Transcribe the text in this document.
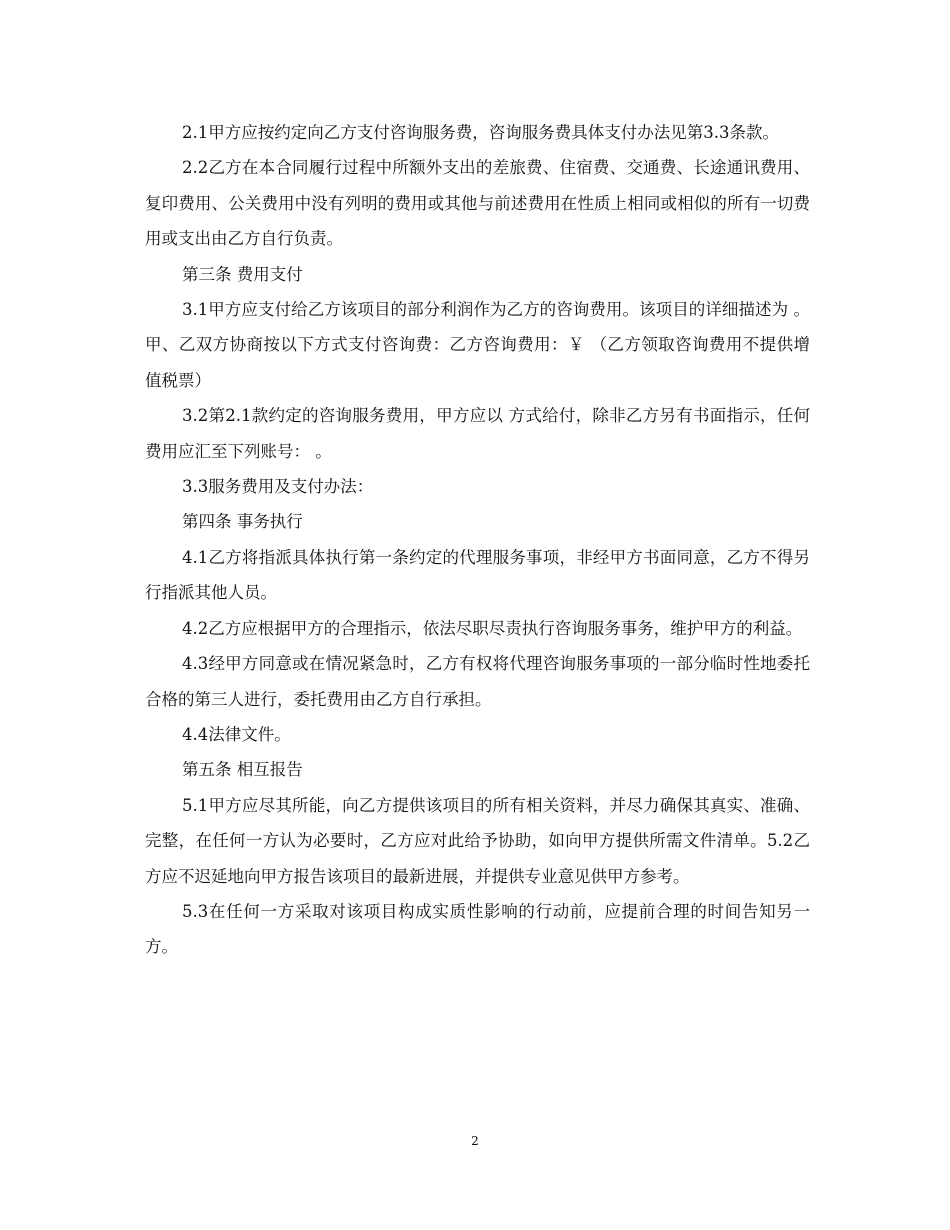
2.1甲方应按约定向乙方支付咨询服务费，咨询服务费具体支付办法见第3.3条款。

2.2乙方在本合同履行过程中所额外支出的差旅费、住宿费、交通费、长途通讯费用、复印费用、公关费用中没有列明的费用或其他与前述费用在性质上相同或相似的所有一切费用或支出由乙方自行负责。

第三条 费用支付

3.1甲方应支付给乙方该项目的部分利润作为乙方的咨询费用。该项目的详细描述为 。甲、乙双方协商按以下方式支付咨询费：乙方咨询费用：￥ （乙方领取咨询费用不提供增值税票）

3.2第2.1款约定的咨询服务费用，甲方应以 方式给付，除非乙方另有书面指示，任何费用应汇至下列账号： 。

3.3服务费用及支付办法：

第四条 事务执行

4.1乙方将指派具体执行第一条约定的代理服务事项，非经甲方书面同意，乙方不得另行指派其他人员。

4.2乙方应根据甲方的合理指示，依法尽职尽责执行咨询服务事务，维护甲方的利益。

4.3经甲方同意或在情况紧急时，乙方有权将代理咨询服务事项的一部分临时性地委托合格的第三人进行，委托费用由乙方自行承担。

4.4法律文件。

第五条 相互报告

5.1甲方应尽其所能，向乙方提供该项目的所有相关资料，并尽力确保其真实、准确、完整，在任何一方认为必要时，乙方应对此给予协助，如向甲方提供所需文件清单。5.2乙方应不迟延地向甲方报告该项目的最新进展，并提供专业意见供甲方参考。

5.3在任何一方采取对该项目构成实质性影响的行动前，应提前合理的时间告知另一方。

2
